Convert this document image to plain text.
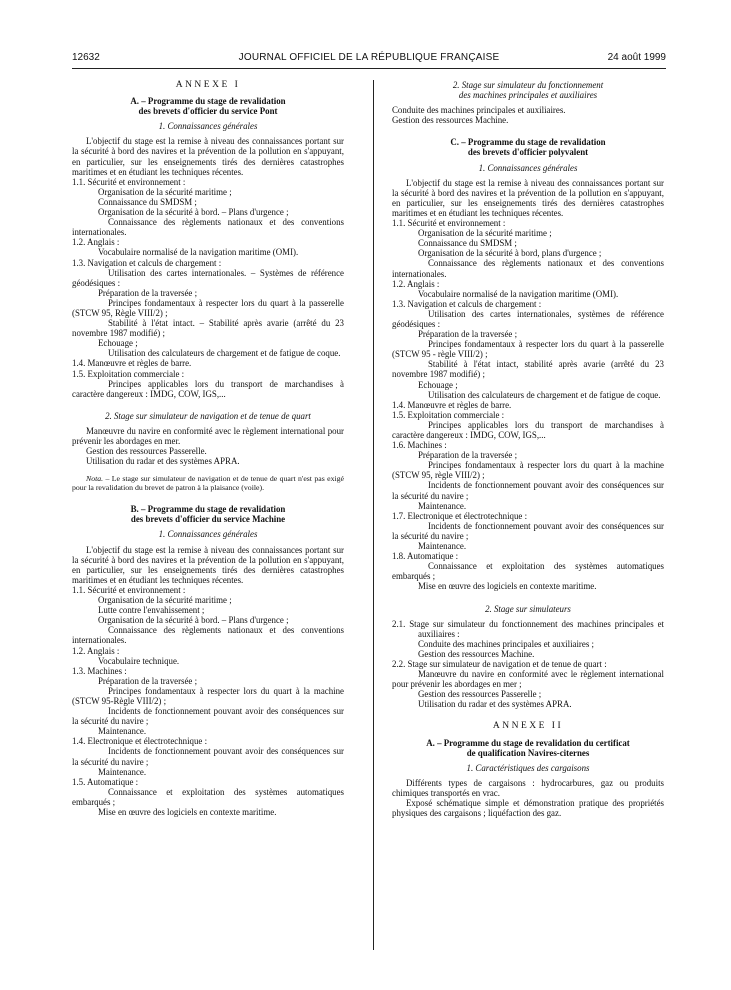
12632	JOURNAL OFFICIEL DE LA RÉPUBLIQUE FRANÇAISE	24 août 1999

ANNEXE I

A. – Programme du stage de revalidation

des brevets d'officier du service Pont

1. Connaissances générales

L'objectif du stage est la remise à niveau des connaissances portant sur la sécurité à bord des navires et la prévention de la pollution en s'appuyant, en particulier, sur les enseignements tirés des dernières catastrophes maritimes et en étudiant les techniques récentes.

1.1. Sécurité et environnement :

Organisation de la sécurité maritime ;

Connaissance du SMDSM ;

Organisation de la sécurité à bord. – Plans d'urgence ;

Connaissance des règlements nationaux et des conventions internationales.

1.2. Anglais :

Vocabulaire normalisé de la navigation maritime (OMI).

1.3. Navigation et calculs de chargement :

Utilisation des cartes internationales. – Systèmes de référence géodésiques :

Préparation de la traversée ;

Principes fondamentaux à respecter lors du quart à la passerelle (STCW 95, Règle VIII/2) ;

Stabilité à l'état intact. – Stabilité après avarie (arrêté du 23 novembre 1987 modifié) ;

Echouage ;

Utilisation des calculateurs de chargement et de fatigue de coque.

1.4. Manœuvre et règles de barre.

1.5. Exploitation commerciale :

Principes applicables lors du transport de marchandises à caractère dangereux : IMDG, COW, IGS,...

2. Stage sur simulateur de navigation et de tenue de quart

Manœuvre du navire en conformité avec le règlement international pour prévenir les abordages en mer.

Gestion des ressources Passerelle.

Utilisation du radar et des systèmes APRA.

Nota. – Le stage sur simulateur de navigation et de tenue de quart n'est pas exigé pour la revalidation du brevet de patron à la plaisance (voile).

B. – Programme du stage de revalidation

des brevets d'officier du service Machine

1. Connaissances générales

L'objectif du stage est la remise à niveau des connaissances portant sur la sécurité à bord des navires et la prévention de la pollution en s'appuyant, en particulier, sur les enseignements tirés des dernières catastrophes maritimes et en étudiant les techniques récentes.

1.1. Sécurité et environnement :

Organisation de la sécurité maritime ;

Lutte contre l'envahissement ;

Organisation de la sécurité à bord. – Plans d'urgence ;

Connaissance des règlements nationaux et des conventions internationales.

1.2. Anglais :

Vocabulaire technique.

1.3. Machines :

Préparation de la traversée ;

Principes fondamentaux à respecter lors du quart à la machine (STCW 95-Règle VIII/2) ;

Incidents de fonctionnement pouvant avoir des conséquences sur la sécurité du navire ;

Maintenance.

1.4. Electronique et électrotechnique :

Incidents de fonctionnement pouvant avoir des conséquences sur la sécurité du navire ;

Maintenance.

1.5. Automatique :

Connaissance et exploitation des systèmes automatiques embarqués ;

Mise en œuvre des logiciels en contexte maritime.

2. Stage sur simulateur du fonctionnement

des machines principales et auxiliaires

Conduite des machines principales et auxiliaires.

Gestion des ressources Machine.

C. – Programme du stage de revalidation

des brevets d'officier polyvalent

1. Connaissances générales

L'objectif du stage est la remise à niveau des connaissances portant sur la sécurité à bord des navires et la prévention de la pollution en s'appuyant, en particulier, sur les enseignements tirés des dernières catastrophes maritimes et en étudiant les techniques récentes.

1.1. Sécurité et environnement :

Organisation de la sécurité maritime ;

Connaissance du SMDSM ;

Organisation de la sécurité à bord, plans d'urgence ;

Connaissance des règlements nationaux et des conventions internationales.

1.2. Anglais :

Vocabulaire normalisé de la navigation maritime (OMI).

1.3. Navigation et calculs de chargement :

Utilisation des cartes internationales, systèmes de référence géodésiques :

Préparation de la traversée ;

Principes fondamentaux à respecter lors du quart à la passerelle (STCW 95 - règle VIII/2) ;

Stabilité à l'état intact, stabilité après avarie (arrêté du 23 novembre 1987 modifié) ;

Echouage ;

Utilisation des calculateurs de chargement et de fatigue de coque.

1.4. Manœuvre et règles de barre.

1.5. Exploitation commerciale :

Principes applicables lors du transport de marchandises à caractère dangereux : IMDG, COW, IGS,...

1.6. Machines :

Préparation de la traversée ;

Principes fondamentaux à respecter lors du quart à la machine (STCW 95, règle VIII/2) ;

Incidents de fonctionnement pouvant avoir des conséquences sur la sécurité du navire ;

Maintenance.

1.7. Electronique et électrotechnique :

Incidents de fonctionnement pouvant avoir des conséquences sur la sécurité du navire ;

Maintenance.

1.8. Automatique :

Connaissance et exploitation des systèmes automatiques embarqués ;

Mise en œuvre des logiciels en contexte maritime.

2. Stage sur simulateurs

2.1. Stage sur simulateur du fonctionnement des machines principales et auxiliaires :

Conduite des machines principales et auxiliaires ;

Gestion des ressources Machine.

2.2. Stage sur simulateur de navigation et de tenue de quart :

Manœuvre du navire en conformité avec le règlement international pour prévenir les abordages en mer ;

Gestion des ressources Passerelle ;

Utilisation du radar et des systèmes APRA.

ANNEXE II

A. – Programme du stage de revalidation du certificat

de qualification Navires-citernes

1. Caractéristiques des cargaisons

Différents types de cargaisons : hydrocarbures, gaz ou produits chimiques transportés en vrac.

Exposé schématique simple et démonstration pratique des propriétés physiques des cargaisons ; liquéfaction des gaz.
